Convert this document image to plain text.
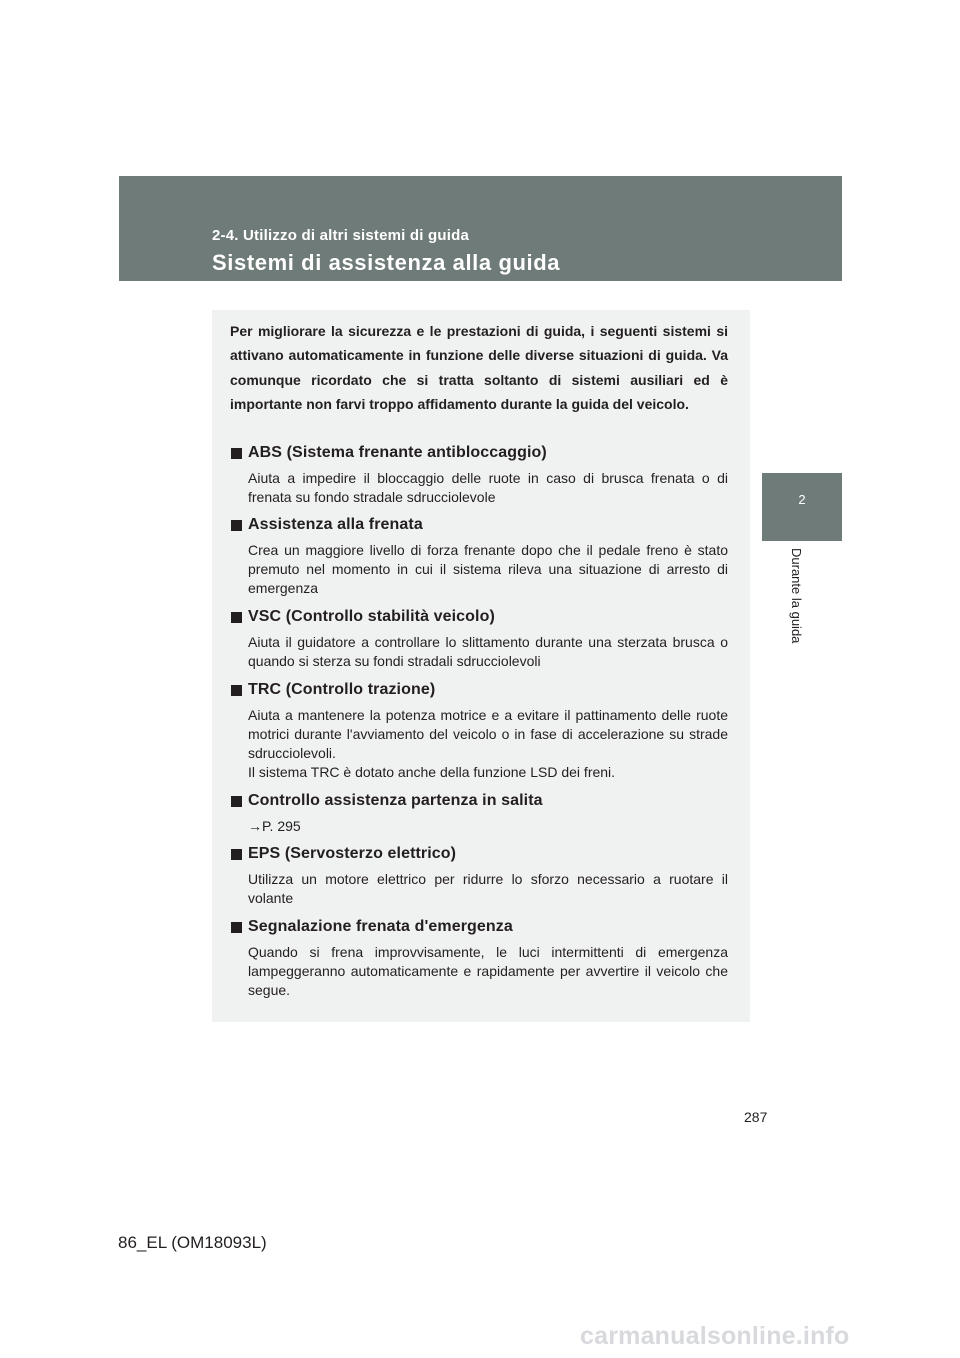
2-4. Utilizzo di altri sistemi di guida
Sistemi di assistenza alla guida
2
Durante la guida

Per migliorare la sicurezza e le prestazioni di guida, i seguenti sistemi si attivano automaticamente in funzione delle diverse situazioni di guida. Va comunque ricordato che si tratta soltanto di sistemi ausiliari ed è importante non farvi troppo affidamento durante la guida del veicolo.

ABS (Sistema frenante antibloccaggio)

Aiuta a impedire il bloccaggio delle ruote in caso di brusca frenata o di frenata su fondo stradale sdrucciolevole

Assistenza alla frenata

Crea un maggiore livello di forza frenante dopo che il pedale freno è stato premuto nel momento in cui il sistema rileva una situazione di arresto di emergenza

VSC (Controllo stabilità veicolo)

Aiuta il guidatore a controllare lo slittamento durante una sterzata brusca o quando si sterza su fondi stradali sdrucciolevoli

TRC (Controllo trazione)

Aiuta a mantenere la potenza motrice e a evitare il pattinamento delle ruote motrici durante l'avviamento del veicolo o in fase di accelerazione su strade sdrucciolevoli.

Il sistema TRC è dotato anche della funzione LSD dei freni.

Controllo assistenza partenza in salita

→P. 295

EPS (Servosterzo elettrico)

Utilizza un motore elettrico per ridurre lo sforzo necessario a ruotare il volante

Segnalazione frenata d'emergenza

Quando si frena improvvisamente, le luci intermittenti di emergenza lampeggeranno automaticamente e rapidamente per avvertire il veicolo che segue.

287
86_EL (OM18093L)
carmanualsonline.info
